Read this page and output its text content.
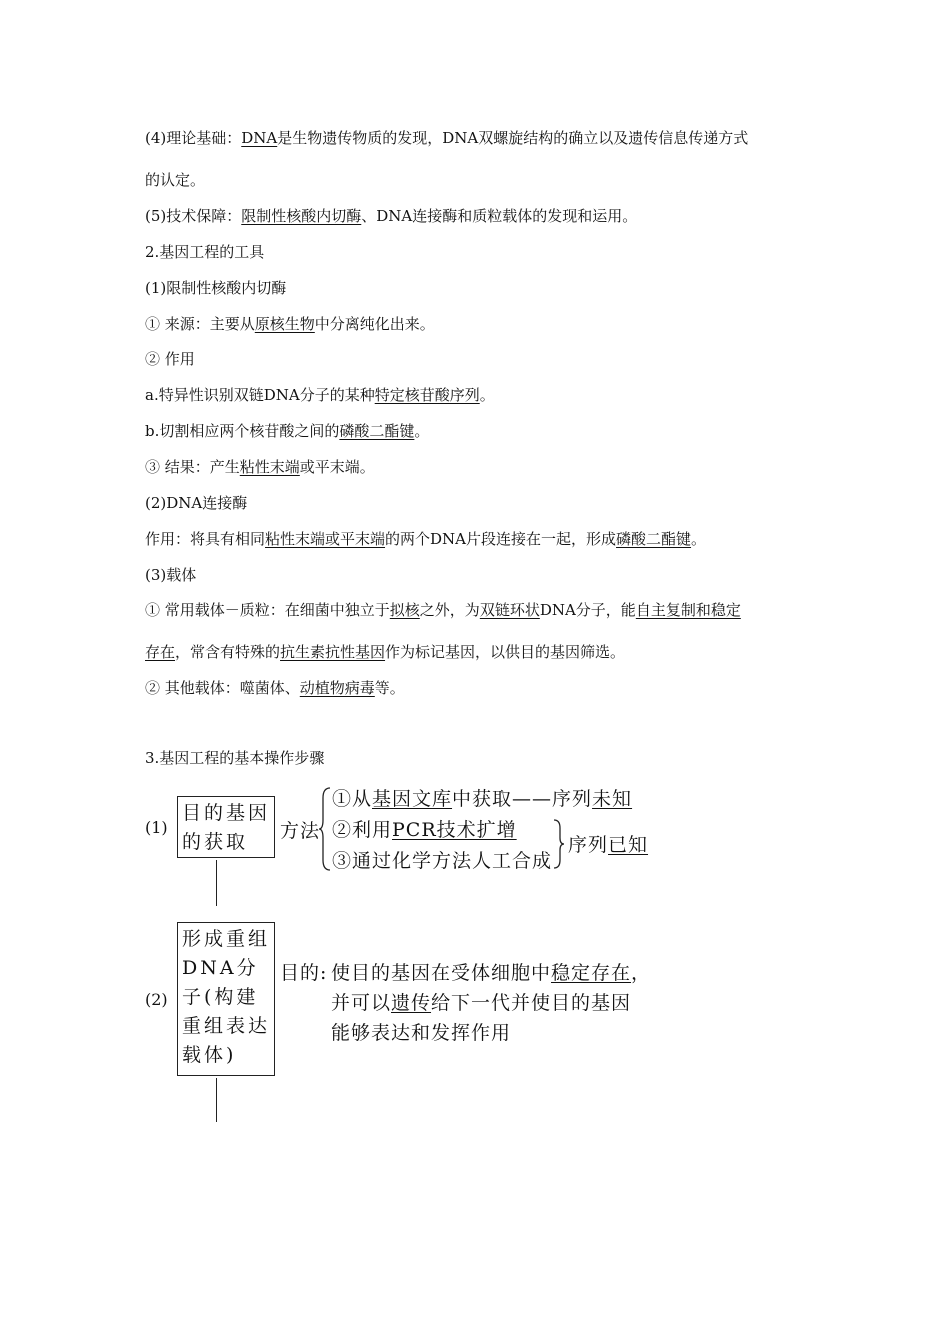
(4)理论基础：DNA是生物遗传物质的发现，DNA双螺旋结构的确立以及遗传信息传递方式
的认定。
(5)技术保障：限制性核酸内切酶、DNA连接酶和质粒载体的发现和运用。
2.基因工程的工具
(1)限制性核酸内切酶
① 来源：主要从原核生物中分离纯化出来。
② 作用
a.特异性识别双链DNA分子的某种特定核苷酸序列。
b.切割相应两个核苷酸之间的磷酸二酯键。
③ 结果：产生粘性末端或平末端。
(2)DNA连接酶
作用：将具有相同粘性末端或平末端的两个DNA片段连接在一起，形成磷酸二酯键。
(3)载体
① 常用载体－质粒：在细菌中独立于拟核之外，为双链环状DNA分子，能自主复制和稳定
存在，常含有特殊的抗生素抗性基因作为标记基因，以供目的基因筛选。
② 其他载体：噬菌体、动植物病毒等。
3.基因工程的基本操作步骤
(1)
目的基因的获取	方法
①从基因文库中获取——序列未知
②利用PCR技术扩增
③通过化学方法人工合成
序列已知
(2)
形成重组DNA分子(构建重组表达载体)
目的: 使目的基因在受体细胞中稳定存在，
并可以遗传给下一代并使目的基因
能够表达和发挥作用
